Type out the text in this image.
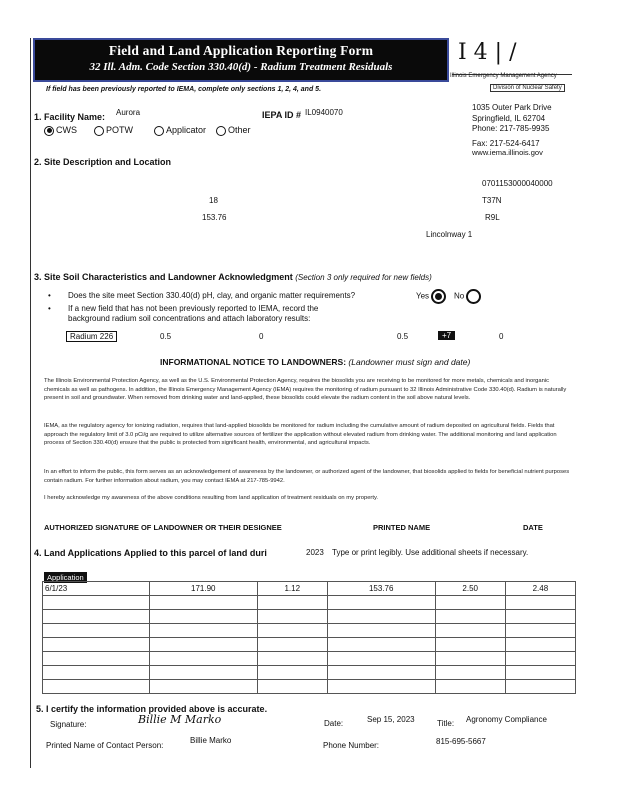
Field and Land Application Reporting Form
32 Ill. Adm. Code Section 330.40(d) - Radium Treatment Residuals
I 4 | /
Illinois Emergency Management Agency
Division of Nuclear Safety
If field has been previously reported to IEMA, complete only sections 1, 2, 4, and 5.
1035 Outer Park Drive
Springfield, IL 62704
Phone: 217-785-9935
Fax: 217-524-6417
www.iema.illinois.gov
1. Facility Name: Aurora	IEPA ID # IL0940070
CWS	POTW	Applicator	Other
2. Site Description and Location
0701153000040000
18	T37N
153.76	R9L
Lincolnway 1
3. Site Soil Characteristics and Landowner Acknowledgment (Section 3 only required for new fields)
• Does the site meet Section 330.40(d) pH, clay, and organic matter requirements?	Yes	No
• If a new field that has not been previously reported to IEMA, record the
background radium soil concentrations and attach laboratory results:
Radium 226	0.5	0	0.5	+7	0
INFORMATIONAL NOTICE TO LANDOWNERS: (Landowner must sign and date)
The Illinois Environmental Protection Agency, as well as the U.S. Environmental Protection Agency, requires the biosolids you are receiving to be monitored for more metals, chemicals and inorganic chemicals as well as pathogens. In addition, the Illinois Emergency Management Agency (IEMA) requires the monitoring of radium pursuant to 32 Illinois Administrative Code 330.40(d). Radium is naturally present in soil and groundwater. When removed from drinking water and land-applied, these biosolids could elevate the radium content in the soil above natural levels.
IEMA, as the regulatory agency for ionizing radiation, requires that land-applied biosolids be monitored for radium including the cumulative amount of radium deposited on agricultural fields. Fields that approach the regulatory limit of 3.0 pCi/g are required to utilize alternative sources of fertilizer the application without elevated radium from drinking water. The additional monitoring and land application process of Section 330.40(d) ensure that the public is protected from significant health, environmental, and agricultural impacts.
In an effort to inform the public, this form serves as an acknowledgement of awareness by the landowner, or authorized agent of the landowner, that biosolids applied to fields for beneficial nutrient purposes contain radium. For further information about radium, you may contact IEMA at 217-785-9942.
I hereby acknowledge my awareness of the above conditions resulting from land application of treatment residuals on my property.
AUTHORIZED SIGNATURE OF LANDOWNER OR THEIR DESIGNEE	PRINTED NAME	DATE
4. Land Applications Applied to this parcel of land duri	2023 Type or print legibly. Use additional sheets if necessary.
Application
6/1/23	171.90	1.12	153.76	2.50	2.48

5. I certify the information provided above is accurate.
Signature:	Billie M Marko	Date:	Sep 15, 2023	Title: Agronomy Compliance
Printed Name of Contact Person:
Billie Marko
Phone Number:	815-695-5667
